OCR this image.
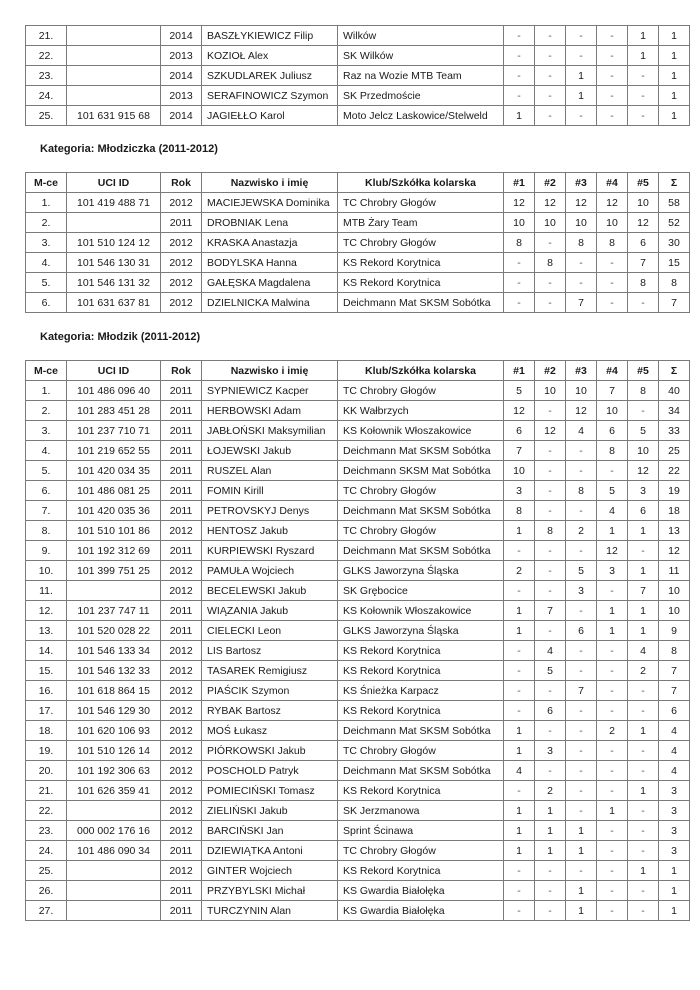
21.		2014	BASZŁYKIEWICZ Filip	Wilków	-	-	-	-	1	1
22.		2013	KOZIOŁ Alex	SK Wilków	-	-	-	-	1	1
23.		2014	SZKUDLAREK Juliusz	Raz na Wozie MTB Team	-	-	1	-	-	1
24.		2013	SERAFINOWICZ Szymon	SK Przedmoście	-	-	1	-	-	1
25.	101 631 915 68	2014	JAGIEŁŁO Karol	Moto Jelcz Laskowice/Stelweld	1	-	-	-	-	1
Kategoria: Młodziczka (2011-2012)
M-ce	UCI ID	Rok	Nazwisko i imię	Klub/Szkółka kolarska	#1	#2	#3	#4	#5	Σ
1.	101 419 488 71	2012	MACIEJEWSKA Dominika	TC Chrobry Głogów	12	12	12	12	10	58
2.		2011	DROBNIAK Lena	MTB Żary Team	10	10	10	10	12	52
3.	101 510 124 12	2012	KRASKA Anastazja	TC Chrobry Głogów	8	-	8	8	6	30
4.	101 546 130 31	2012	BODYLSKA Hanna	KS Rekord Korytnica	-	8	-	-	7	15
5.	101 546 131 32	2012	GAŁĘSKA Magdalena	KS Rekord Korytnica	-	-	-	-	8	8
6.	101 631 637 81	2012	DZIELNICKA Malwina	Deichmann Mat SKSM Sobótka	-	-	7	-	-	7
Kategoria: Młodzik (2011-2012)
M-ce	UCI ID	Rok	Nazwisko i imię	Klub/Szkółka kolarska	#1	#2	#3	#4	#5	Σ
1.	101 486 096 40	2011	SYPNIEWICZ Kacper	TC Chrobry Głogów	5	10	10	7	8	40
2.	101 283 451 28	2011	HERBOWSKI Adam	KK Wałbrzych	12	-	12	10	-	34
3.	101 237 710 71	2011	JABŁOŃSKI Maksymilian	KS Kołownik Włoszakowice	6	12	4	6	5	33
4.	101 219 652 55	2011	ŁOJEWSKI Jakub	Deichmann Mat SKSM Sobótka	7	-	-	8	10	25
5.	101 420 034 35	2011	RUSZEL Alan	Deichmann SKSM Mat Sobótka	10	-	-	-	12	22
6.	101 486 081 25	2011	FOMIN Kirill	TC Chrobry Głogów	3	-	8	5	3	19
7.	101 420 035 36	2011	PETROVSKYJ Denys	Deichmann Mat SKSM Sobótka	8	-	-	4	6	18
8.	101 510 101 86	2012	HENTOSZ Jakub	TC Chrobry Głogów	1	8	2	1	1	13
9.	101 192 312 69	2011	KURPIEWSKI Ryszard	Deichmann Mat SKSM Sobótka	-	-	-	12	-	12
10.	101 399 751 25	2012	PAMUŁA Wojciech	GLKS Jaworzyna Śląska	2	-	5	3	1	11
11.		2012	BECELEWSKI Jakub	SK Grębocice	-	-	3	-	7	10
12.	101 237 747 11	2011	WIĄZANIA Jakub	KS Kołownik Włoszakowice	1	7	-	1	1	10
13.	101 520 028 22	2011	CIELECKI Leon	GLKS Jaworzyna Śląska	1	-	6	1	1	9
14.	101 546 133 34	2012	LIS Bartosz	KS Rekord Korytnica	-	4	-	-	4	8
15.	101 546 132 33	2012	TASAREK Remigiusz	KS Rekord Korytnica	-	5	-	-	2	7
16.	101 618 864 15	2012	PIAŚCIK Szymon	KS Śnieżka Karpacz	-	-	7	-	-	7
17.	101 546 129 30	2012	RYBAK Bartosz	KS Rekord Korytnica	-	6	-	-	-	6
18.	101 620 106 93	2012	MOŚ Łukasz	Deichmann Mat SKSM Sobótka	1	-	-	2	1	4
19.	101 510 126 14	2012	PIÓRKOWSKI Jakub	TC Chrobry Głogów	1	3	-	-	-	4
20.	101 192 306 63	2012	POSCHOLD Patryk	Deichmann Mat SKSM Sobótka	4	-	-	-	-	4
21.	101 626 359 41	2012	POMIECIŃSKI Tomasz	KS Rekord Korytnica	-	2	-	-	1	3
22.		2012	ZIELIŃSKI Jakub	SK Jerzmanowa	1	1	-	1	-	3
23.	000 002 176 16	2012	BARCIŃSKI Jan	Sprint Ścinawa	1	1	1	-	-	3
24.	101 486 090 34	2011	DZIEWIĄTKA Antoni	TC Chrobry Głogów	1	1	1	-	-	3
25.		2012	GINTER Wojciech	KS Rekord Korytnica	-	-	-	-	1	1
26.		2011	PRZYBYLSKI Michał	KS Gwardia Białołęka	-	-	1	-	-	1
27.		2011	TURCZYNIN Alan	KS Gwardia Białołęka	-	-	1	-	-	1
